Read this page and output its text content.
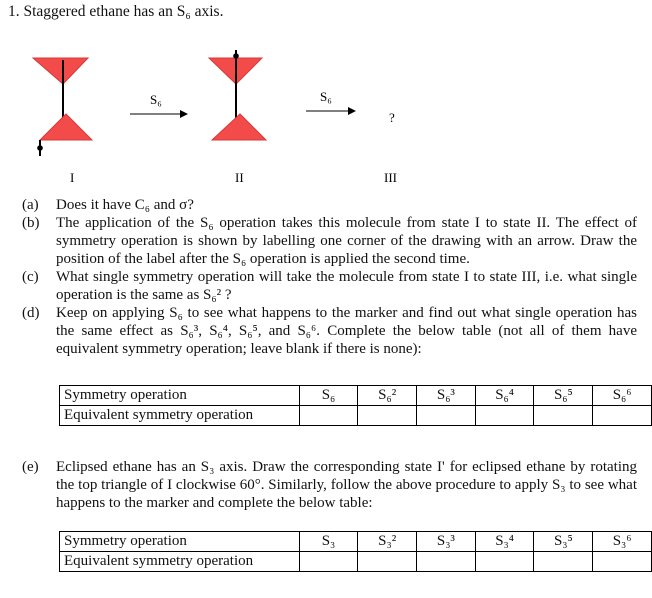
1. Staggered ethane has an S₆ axis.
S₆	S₆
?
I	II	III
(a)	Does it have C₆ and σ?
(b)	The application of the S₆ operation takes this molecule from state I to state II. The effect of symmetry operation is shown by labelling one corner of the drawing with an arrow. Draw the position of the label after the S₆ operation is applied the second time.
(c)	What single symmetry operation will take the molecule from state I to state III, i.e. what single operation is the same as S₆² ?
(d)	Keep on applying S₆ to see what happens to the marker and find out what single operation has the same effect as S₆³, S₆⁴, S₆⁵, and S₆⁶. Complete the below table (not all of them have equivalent symmetry operation; leave blank if there is none):
Symmetry operation	S₆	S₆²	S₆³	S₆⁴	S₆⁵	S₆⁶
Equivalent symmetry operation						
(e)	Eclipsed ethane has an S₃ axis. Draw the corresponding state I' for eclipsed ethane by rotating the top triangle of I clockwise 60°. Similarly, follow the above procedure to apply S₃ to see what happens to the marker and complete the below table:
Symmetry operation	S₃	S₃²	S₃³	S₃⁴	S₃⁵	S₃⁶
Equivalent symmetry operation						
